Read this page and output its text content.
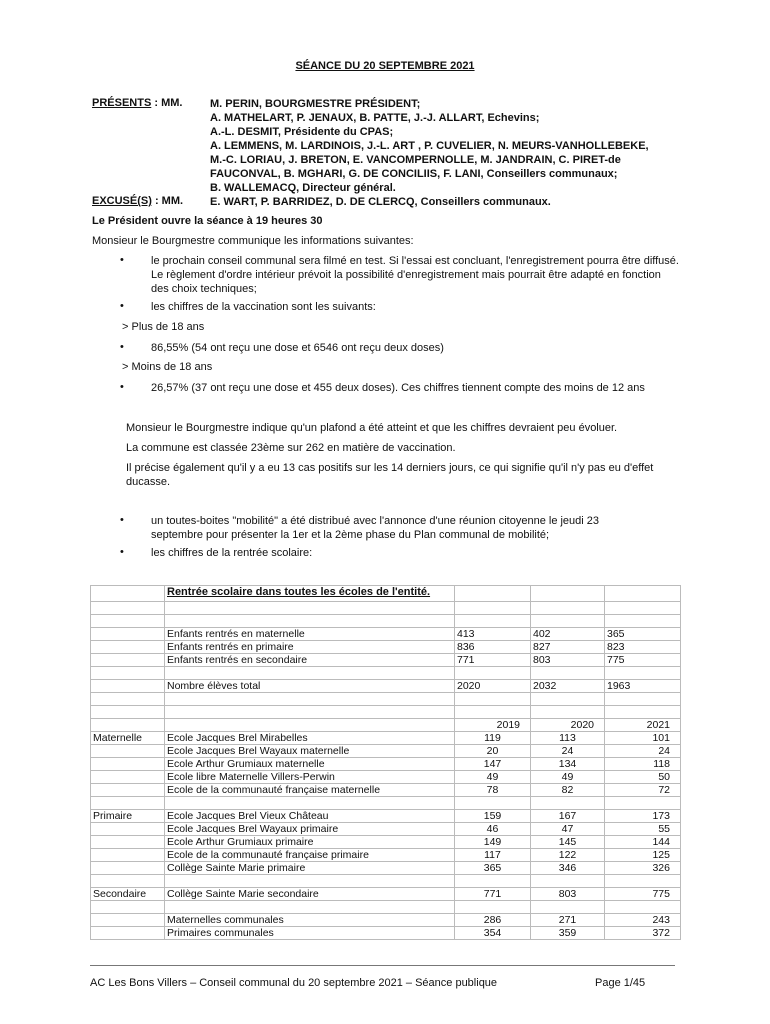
SÉANCE DU 20 SEPTEMBRE 2021
PRÉSENTS : MM.	M. PERIN, BOURGMESTRE PRÉSIDENT;
A. MATHELART, P. JENAUX, B. PATTE, J.-J. ALLART, Echevins;
A.-L. DESMIT, Présidente du CPAS;
A. LEMMENS, M. LARDINOIS, J.-L. ART , P. CUVELIER, N. MEURS-VANHOLLEBEKE,
M.-C. LORIAU, J. BRETON, E. VANCOMPERNOLLE, M. JANDRAIN, C. PIRET-de
FAUCONVAL, B. MGHARI, G. DE CONCILIIS, F. LANI, Conseillers communaux;
B. WALLEMACQ, Directeur général.
EXCUSÉ(S) : MM. E. WART, P. BARRIDEZ, D. DE CLERCQ, Conseillers communaux.
Le Président ouvre la séance à 19 heures 30
Monsieur le Bourgmestre communique les informations suivantes:
• le prochain conseil communal sera filmé en test. Si l'essai est concluant, l'enregistrement pourra être diffusé. Le règlement d'ordre intérieur prévoit la possibilité d'enregistrement mais pourrait être adapté en fonction des choix techniques;
• les chiffres de la vaccination sont les suivants:
> Plus de 18 ans
• 86,55% (54 ont reçu une dose et 6546 ont reçu deux doses)
> Moins de 18 ans
• 26,57% (37 ont reçu une dose et 455 deux doses). Ces chiffres tiennent compte des moins de 12 ans
Monsieur le Bourgmestre indique qu'un plafond a été atteint et que les chiffres devraient peu évoluer.
La commune est classée 23ème sur 262 en matière de vaccination.
Il précise également qu'il y a eu 13 cas positifs sur les 14 derniers jours, ce qui signifie qu'il n'y pas eu d'effet ducasse.
• un toutes-boites "mobilité" a été distribué avec l'annonce d'une réunion citoyenne le jeudi 23 septembre pour présenter la 1er et la 2ème phase du Plan communal de mobilité;
• les chiffres de la rentrée scolaire:
	Rentrée scolaire dans toutes les écoles de l'entité.			

	Enfants rentrés en maternelle	413	402	365
	Enfants rentrés en primaire	836	827	823
	Enfants rentrés en secondaire	771	803	775

	Nombre élèves total	2020	2032	1963

		2019	2020	2021
Maternelle	Ecole Jacques Brel Mirabelles	119	113	101
	Ecole Jacques Brel Wayaux maternelle	20	24	24
	Ecole Arthur Grumiaux maternelle	147	134	118
	Ecole libre Maternelle Villers-Perwin	49	49	50
	Ecole de la communauté française maternelle	78	82	72

Primaire	Ecole Jacques Brel Vieux Château	159	167	173
	Ecole Jacques Brel Wayaux primaire	46	47	55
	Ecole Arthur Grumiaux primaire	149	145	144
	Ecole de la communauté française primaire	117	122	125
	Collège Sainte Marie primaire	365	346	326

Secondaire	Collège Sainte Marie secondaire	771	803	775

	Maternelles communales	286	271	243
	Primaires communales	354	359	372
AC Les Bons Villers – Conseil communal du 20 septembre 2021 – Séance publique	Page 1/45
